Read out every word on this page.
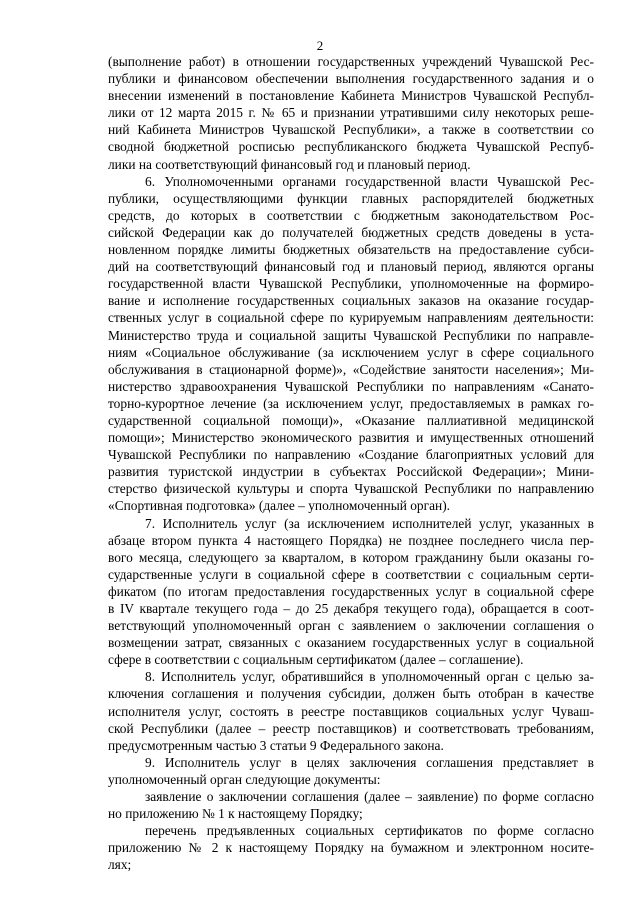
2
(выполнение работ) в отношении государственных учреждений Чувашской Рес-
публики и финансовом обеспечении выполнения государственного задания и о
внесении изменений в постановление Кабинета Министров Чувашской Республ-
лики от 12 марта 2015 г. № 65 и признании утратившими силу некоторых реше-
ний Кабинета Министров Чувашской Республики», а также в соответствии со
сводной бюджетной росписью республиканского бюджета Чувашской Респуб-
лики на соответствующий финансовый год и плановый период.
6. Уполномоченными органами государственной власти Чувашской Рес-
публики, осуществляющими функции главных распорядителей бюджетных
средств, до которых в соответствии с бюджетным законодательством Рос-
сийской Федерации как до получателей бюджетных средств доведены в уста-
новленном порядке лимиты бюджетных обязательств на предоставление субси-
дий на соответствующий финансовый год и плановый период, являются органы
государственной власти Чувашской Республики, уполномоченные на формиро-
вание и исполнение государственных социальных заказов на оказание государ-
ственных услуг в социальной сфере по курируемым направлениям деятельности:
Министерство труда и социальной защиты Чувашской Республики по направле-
ниям «Социальное обслуживание (за исключением услуг в сфере социального
обслуживания в стационарной форме)», «Содействие занятости населения»; Ми-
нистерство здравоохранения Чувашской Республики по направлениям «Санато-
торно-курортное лечение (за исключением услуг, предоставляемых в рамках го-
сударственной социальной помощи)», «Оказание паллиативной медицинской
помощи»; Министерство экономического развития и имущественных отношений
Чувашской Республики по направлению «Создание благоприятных условий для
развития туристской индустрии в субъектах Российской Федерации»; Мини-
стерство физической культуры и спорта Чувашской Республики по направлению
«Спортивная подготовка» (далее – уполномоченный орган).
7. Исполнитель услуг (за исключением исполнителей услуг, указанных в
абзаце втором пункта 4 настоящего Порядка) не позднее последнего числа пер-
вого месяца, следующего за кварталом, в котором гражданину были оказаны го-
сударственные услуги в социальной сфере в соответствии с социальным серти-
фикатом (по итогам предоставления государственных услуг в социальной сфере
в IV квартале текущего года – до 25 декабря текущего года), обращается в соот-
ветствующий уполномоченный орган с заявлением о заключении соглашения о
возмещении затрат, связанных с оказанием государственных услуг в социальной
сфере в соответствии с социальным сертификатом (далее – соглашение).
8. Исполнитель услуг, обратившийся в уполномоченный орган с целью за-
ключения соглашения и получения субсидии, должен быть отобран в качестве
исполнителя услуг, состоять в реестре поставщиков социальных услуг Чуваш-
ской Республики (далее – реестр поставщиков) и соответствовать требованиям,
предусмотренным частью 3 статьи 9 Федерального закона.
9. Исполнитель услуг в целях заключения соглашения представляет в
уполномоченный орган следующие документы:
заявление о заключении соглашения (далее – заявление) по форме согласно
но приложению № 1 к настоящему Порядку;
перечень предъявленных социальных сертификатов по форме согласно
приложению № 2 к настоящему Порядку на бумажном и электронном носите-
лях;
